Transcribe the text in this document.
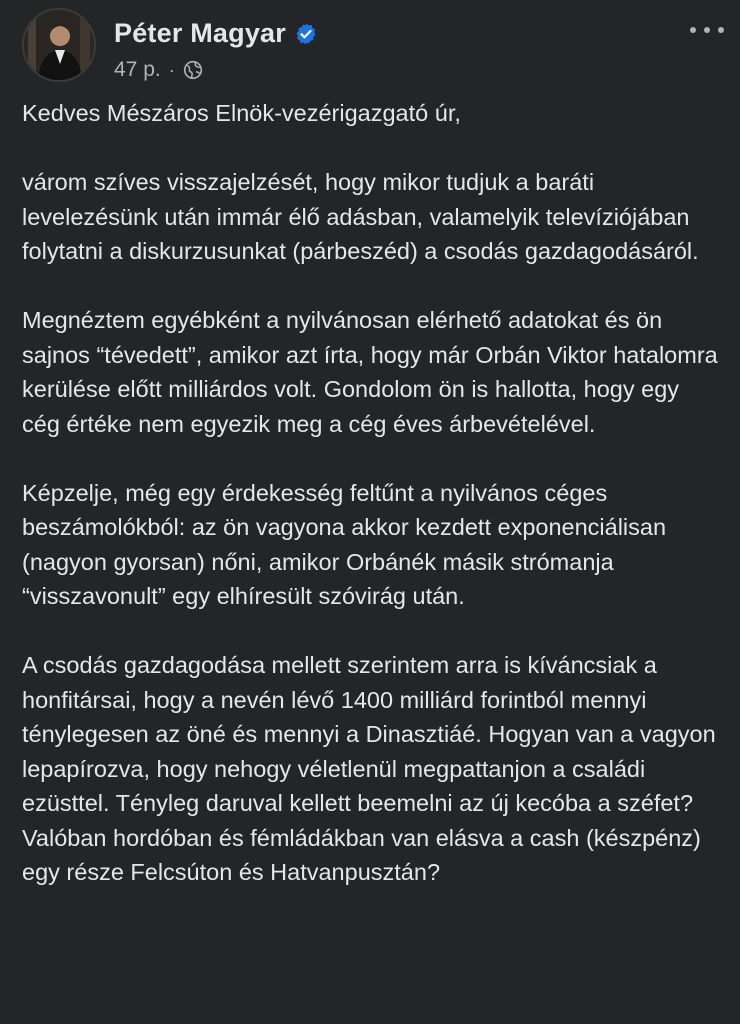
Péter Magyar
47 p. ·

Kedves Mészáros Elnök-vezérigazgató úr,

várom szíves visszajelzését, hogy mikor tudjuk a baráti levelezésünk után immár élő adásban, valamelyik televíziójában folytatni a diskurzusunkat (párbeszéd) a csodás gazdagodásáról.

Megnéztem egyébként a nyilvánosan elérhető adatokat és ön sajnos “tévedett”, amikor azt írta, hogy már Orbán Viktor hatalomra kerülése előtt milliárdos volt. Gondolom ön is hallotta, hogy egy cég értéke nem egyezik meg a cég éves árbevételével.

Képzelje, még egy érdekesség feltűnt a nyilvános céges beszámolókból: az ön vagyona akkor kezdett exponenciálisan (nagyon gyorsan) nőni, amikor Orbánék másik strómanja “visszavonult” egy elhíresült szóvirág után.

A csodás gazdagodása mellett szerintem arra is kíváncsiak a honfitársai, hogy a nevén lévő 1400 milliárd forintból mennyi ténylegesen az öné és mennyi a Dinasztiáé. Hogyan van a vagyon lepapírozva, hogy nehogy véletlenül megpattanjon a családi ezüsttel. Tényleg daruval kellett beemelni az új kecóba a széfet? Valóban hordóban és fémládákban van elásva a cash (készpénz) egy része Felcsúton és Hatvanpusztán?
